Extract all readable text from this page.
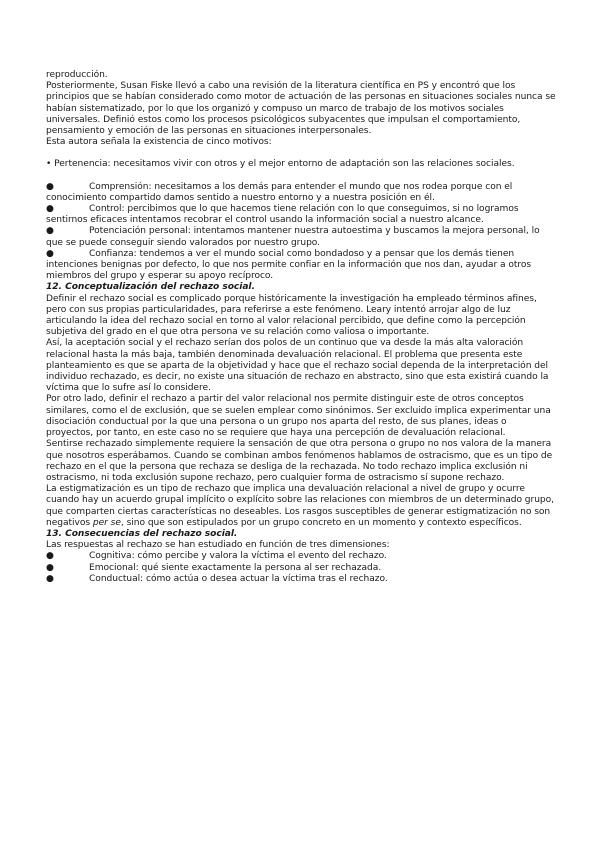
reproducción.

Posteriormente, Susan Fiske llevó a cabo una revisión de la literatura científica en PS y encontró que los principios que se habían considerado como motor de actuación de las personas en situaciones sociales nunca se habían sistematizado, por lo que los organizó y compuso un marco de trabajo de los motivos sociales universales. Definió estos como los procesos psicológicos subyacentes que impulsan el comportamiento, pensamiento y emoción de las personas en situaciones interpersonales.

Esta autora señala la existencia de cinco motivos:

• Pertenencia: necesitamos vivir con otros y el mejor entorno de adaptación son las relaciones sociales.

●	Comprensión: necesitamos a los demás para entender el mundo que nos rodea porque con el conocimiento compartido damos sentido a nuestro entorno y a nuestra posición en él.

●	Control: percibimos que lo que hacemos tiene relación con lo que conseguimos, si no logramos sentirnos eficaces intentamos recobrar el control usando la información social a nuestro alcance.

●	Potenciación personal: intentamos mantener nuestra autoestima y buscamos la mejora personal, lo que se puede conseguir siendo valorados por nuestro grupo.

●	Confianza: tendemos a ver el mundo social como bondadoso y a pensar que los demás tienen intenciones benignas por defecto, lo que nos permite confiar en la información que nos dan, ayudar a otros miembros del grupo y esperar su apoyo recíproco.

12. Conceptualización del rechazo social.

Definir el rechazo social es complicado porque históricamente la investigación ha empleado términos afines, pero con sus propias particularidades, para referirse a este fenómeno. Leary intentó arrojar algo de luz articulando la idea del rechazo social en torno al valor relacional percibido, que define como la percepción subjetiva del grado en el que otra persona ve su relación como valiosa o importante.

Así, la aceptación social y el rechazo serían dos polos de un continuo que va desde la más alta valoración relacional hasta la más baja, también denominada devaluación relacional. El problema que presenta este planteamiento es que se aparta de la objetividad y hace que el rechazo social dependa de la interpretación del individuo rechazado, es decir, no existe una situación de rechazo en abstracto, sino que esta existirá cuando la víctima que lo sufre así lo considere.

Por otro lado, definir el rechazo a partir del valor relacional nos permite distinguir este de otros conceptos similares, como el de exclusión, que se suelen emplear como sinónimos. Ser excluido implica experimentar una disociación conductual por la que una persona o un grupo nos aparta del resto, de sus planes, ideas o proyectos, por tanto, en este caso no se requiere que haya una percepción de devaluación relacional.

Sentirse rechazado simplemente requiere la sensación de que otra persona o grupo no nos valora de la manera que nosotros esperábamos. Cuando se combinan ambos fenómenos hablamos de ostracismo, que es un tipo de rechazo en el que la persona que rechaza se desliga de la rechazada. No todo rechazo implica exclusión ni ostracismo, ni toda exclusión supone rechazo, pero cualquier forma de ostracismo sí supone rechazo.

La estigmatización es un tipo de rechazo que implica una devaluación relacional a nivel de grupo y ocurre cuando hay un acuerdo grupal implícito o explícito sobre las relaciones con miembros de un determinado grupo, que comparten ciertas características no deseables. Los rasgos susceptibles de generar estigmatización no son negativos per se, sino que son estipulados por un grupo concreto en un momento y contexto específicos.

13. Consecuencias del rechazo social.

Las respuestas al rechazo se han estudiado en función de tres dimensiones:

●	Cognitiva: cómo percibe y valora la víctima el evento del rechazo.

●	Emocional: qué siente exactamente la persona al ser rechazada.

●	Conductual: cómo actúa o desea actuar la víctima tras el rechazo.
